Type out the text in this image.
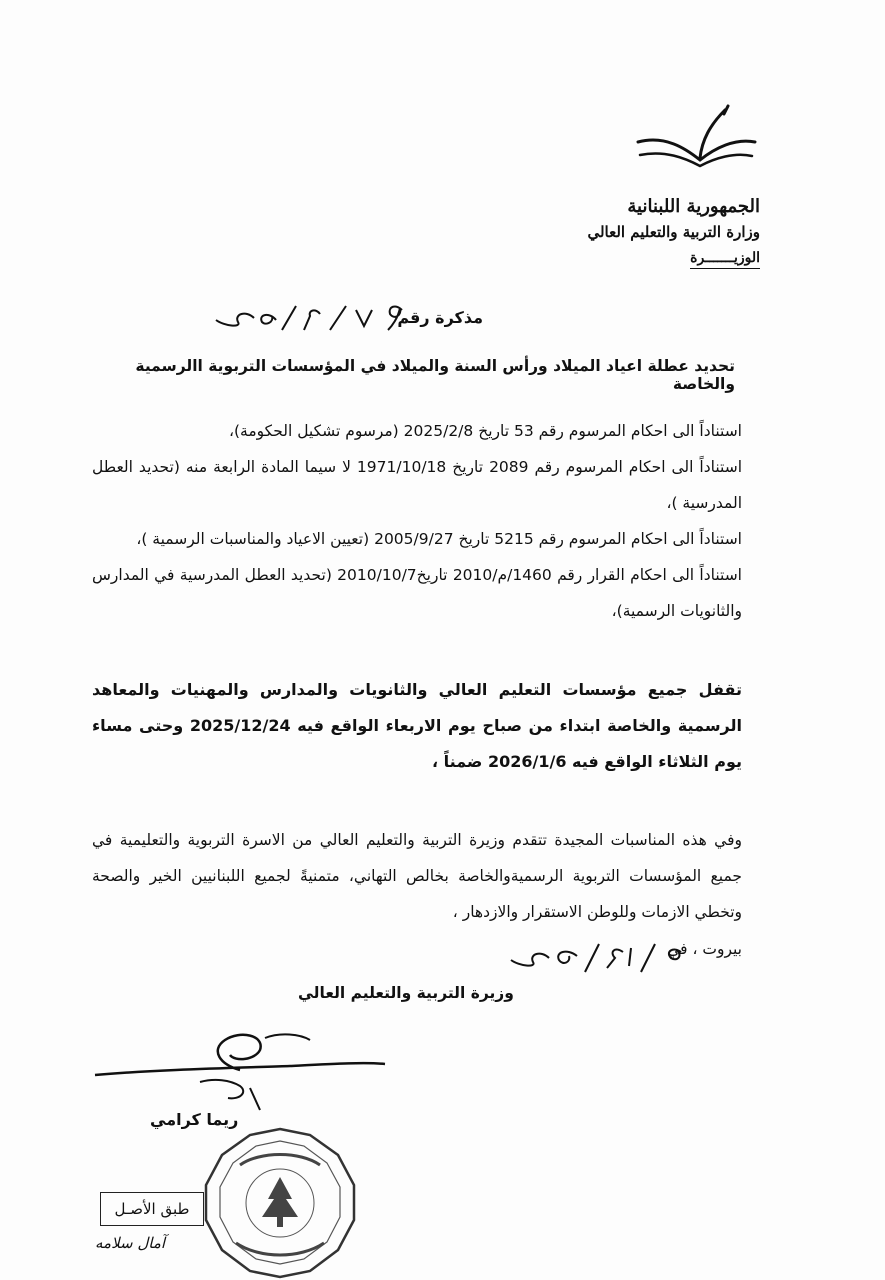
الجمهورية اللبنانية
وزارة التربية والتعليم العالي
الوزيـــــــرة
مذكرة رقم
تحديد عطلة اعياد الميلاد ورأس السنة والميلاد في المؤسسات التربوية االرسمية والخاصة

استناداً الى احكام المرسوم رقم 53 تاريخ 2025/2/8 (مرسوم تشكيل الحكومة)،

استناداً الى احكام المرسوم رقم 2089 تاريخ 1971/10/18 لا سيما المادة الرابعة منه (تحديد العطل المدرسية )،

استناداً الى احكام المرسوم رقم 5215 تاريخ 2005/9/27 (تعيين الاعياد والمناسبات الرسمية )،

استناداً الى احكام القرار رقم 1460/م/2010 تاريخ2010/10/7 (تحديد العطل المدرسية في المدارس والثانويات الرسمية)،

تقفل جميع مؤسسات التعليم العالي والثانويات والمدارس والمهنيات والمعاهد الرسمية والخاصة ابتداء من صباح يوم الاربعاء الواقع فيه 2025/12/24 وحتى مساء يوم الثلاثاء الواقع فيه 2026/1/6 ضمناً ،

وفي هذه المناسبات المجيدة تتقدم وزيرة التربية والتعليم العالي من الاسرة التربوية والتعليمية في جميع المؤسسات التربوية الرسميةوالخاصة بخالص التهاني، متمنيةً لجميع اللبنانيين الخير والصحة وتخطي الازمات وللوطن الاستقرار والازدهار ،

بيروت ، في
وزيرة التربية والتعليم العالي
ريما كرامي
طبق الأصـل
آمال سلامه
